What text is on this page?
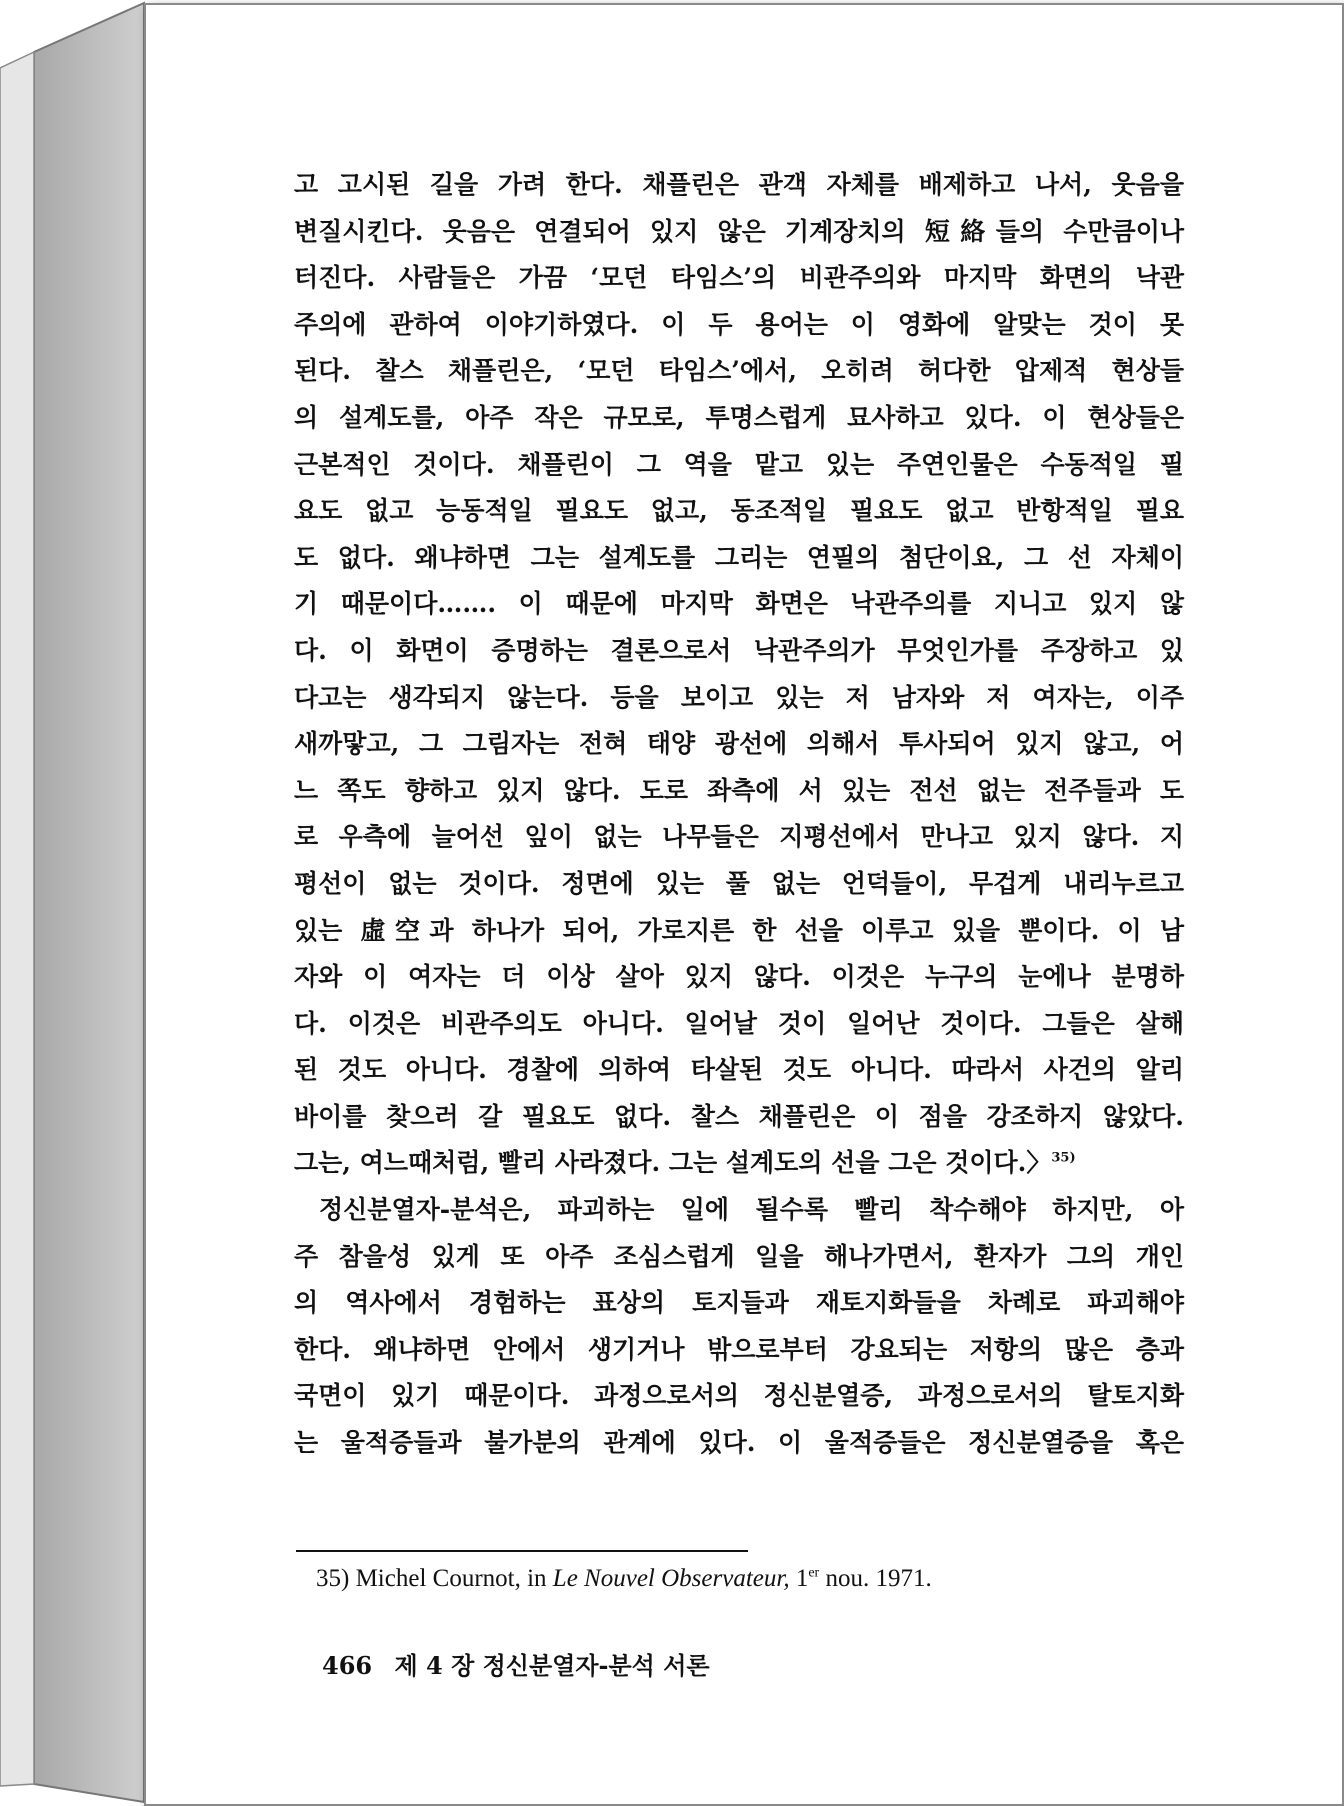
고 고시된 길을 가려 한다. 채플린은 관객 자체를 배제하고 나서, 웃음을
변질시킨다. 웃음은 연결되어 있지 않은 기계장치의 短絡들의 수만큼이나
터진다. 사람들은 가끔 ‘모던 타임스’의 비관주의와 마지막 화면의 낙관
주의에 관하여 이야기하였다. 이 두 용어는 이 영화에 알맞는 것이 못
된다. 찰스 채플린은, ‘모던 타임스’에서, 오히려 허다한 압제적 현상들
의 설계도를, 아주 작은 규모로, 투명스럽게 묘사하고 있다. 이 현상들은
근본적인 것이다. 채플린이 그 역을 맡고 있는 주연인물은 수동적일 필
요도 없고 능동적일 필요도 없고, 동조적일 필요도 없고 반항적일 필요
도 없다. 왜냐하면 그는 설계도를 그리는 연필의 첨단이요, 그 선 자체이
기 때문이다……. 이 때문에 마지막 화면은 낙관주의를 지니고 있지 않
다. 이 화면이 증명하는 결론으로서 낙관주의가 무엇인가를 주장하고 있
다고는 생각되지 않는다. 등을 보이고 있는 저 남자와 저 여자는, 이주
새까맣고, 그 그림자는 전혀 태양 광선에 의해서 투사되어 있지 않고, 어
느 쪽도 향하고 있지 않다. 도로 좌측에 서 있는 전선 없는 전주들과 도
로 우측에 늘어선 잎이 없는 나무들은 지평선에서 만나고 있지 않다. 지
평선이 없는 것이다. 정면에 있는 풀 없는 언덕들이, 무겁게 내리누르고
있는 虛空과 하나가 되어, 가로지른 한 선을 이루고 있을 뿐이다. 이 남
자와 이 여자는 더 이상 살아 있지 않다. 이것은 누구의 눈에나 분명하
다. 이것은 비관주의도 아니다. 일어날 것이 일어난 것이다. 그들은 살해
된 것도 아니다. 경찰에 의하여 타살된 것도 아니다. 따라서 사건의 알리
바이를 찾으러 갈 필요도 없다. 찰스 채플린은 이 점을 강조하지 않았다.
그는, 여느때처럼, 빨리 사라졌다. 그는 설계도의 선을 그은 것이다.〉$^{35)}$
정신분열자-분석은, 파괴하는 일에 될수록 빨리 착수해야 하지만, 아
주 참을성 있게 또 아주 조심스럽게 일을 해나가면서, 환자가 그의 개인
의 역사에서 경험하는 표상의 토지들과 재토지화들을 차례로 파괴해야
한다. 왜냐하면 안에서 생기거나 밖으로부터 강요되는 저항의 많은 층과
국면이 있기 때문이다. 과정으로서의 정신분열증, 과정으로서의 탈토지화
는 울적증들과 불가분의 관계에 있다. 이 울적증들은 정신분열증을 혹은
35) Michel Cournot, in Le Nouvel Observateur, 1er nou. 1971.
466 제 4 장 정신분열자-분석 서론
